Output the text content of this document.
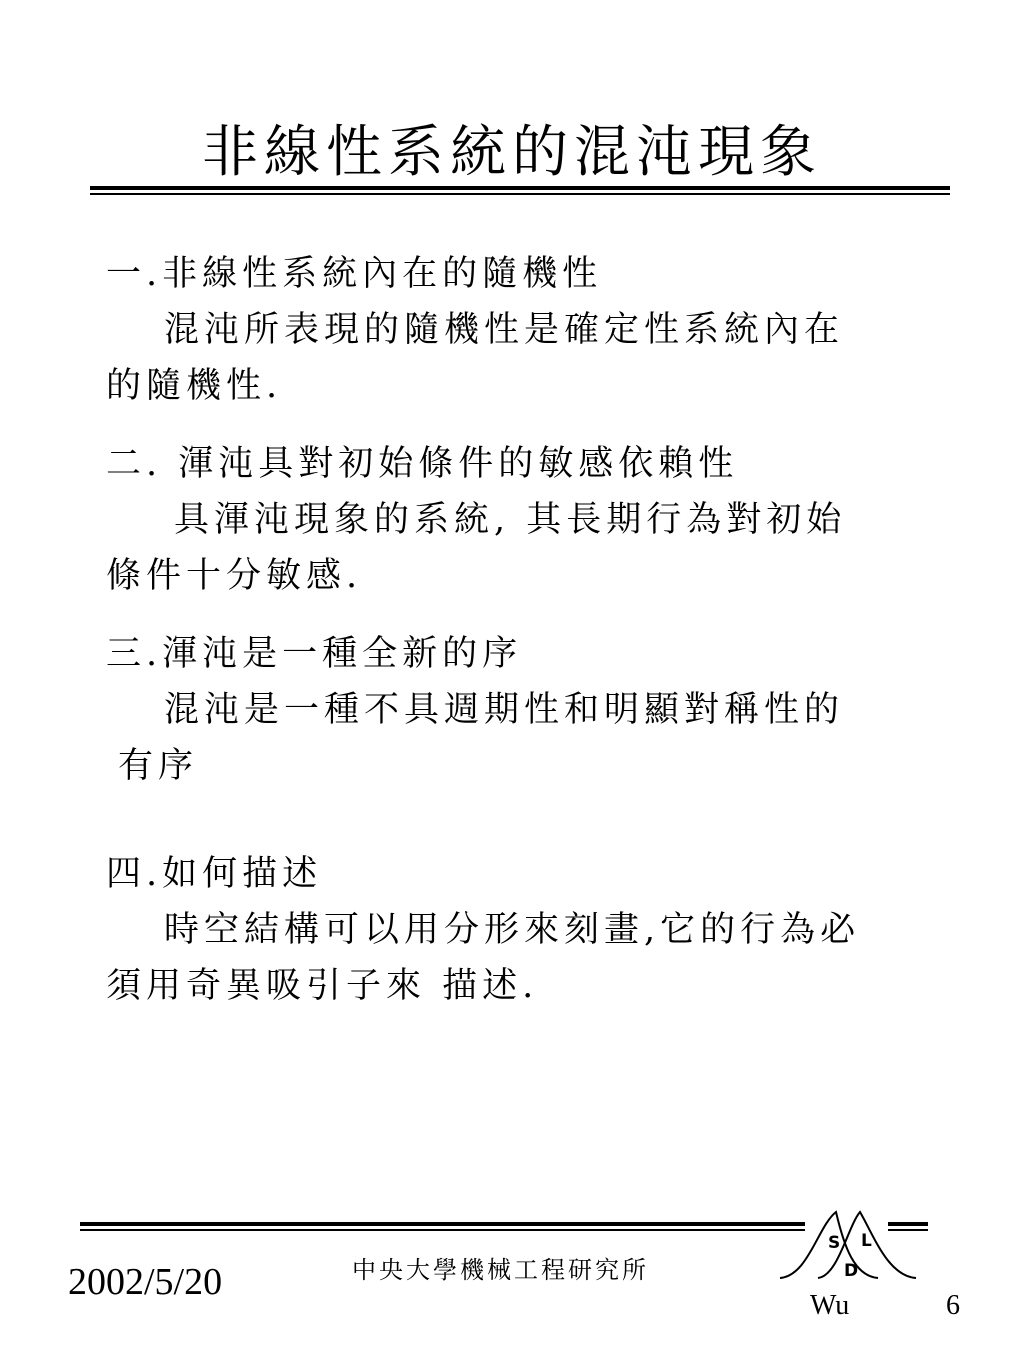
非線性系統的混沌現象
一.非線性系統內在的隨機性
混沌所表現的隨機性是確定性系統內在
的隨機性.
二. 渾沌具對初始條件的敏感依賴性
具渾沌現象的系統, 其長期行為對初始
條件十分敏感.
三.渾沌是一種全新的序
混沌是一種不具週期性和明顯對稱性的
有序
四.如何描述
時空結構可以用分形來刻畫,它的行為必
須用奇異吸引子來 描述.
2002/5/20	中央大學機械工程研究所
S L
D
Wu	6
